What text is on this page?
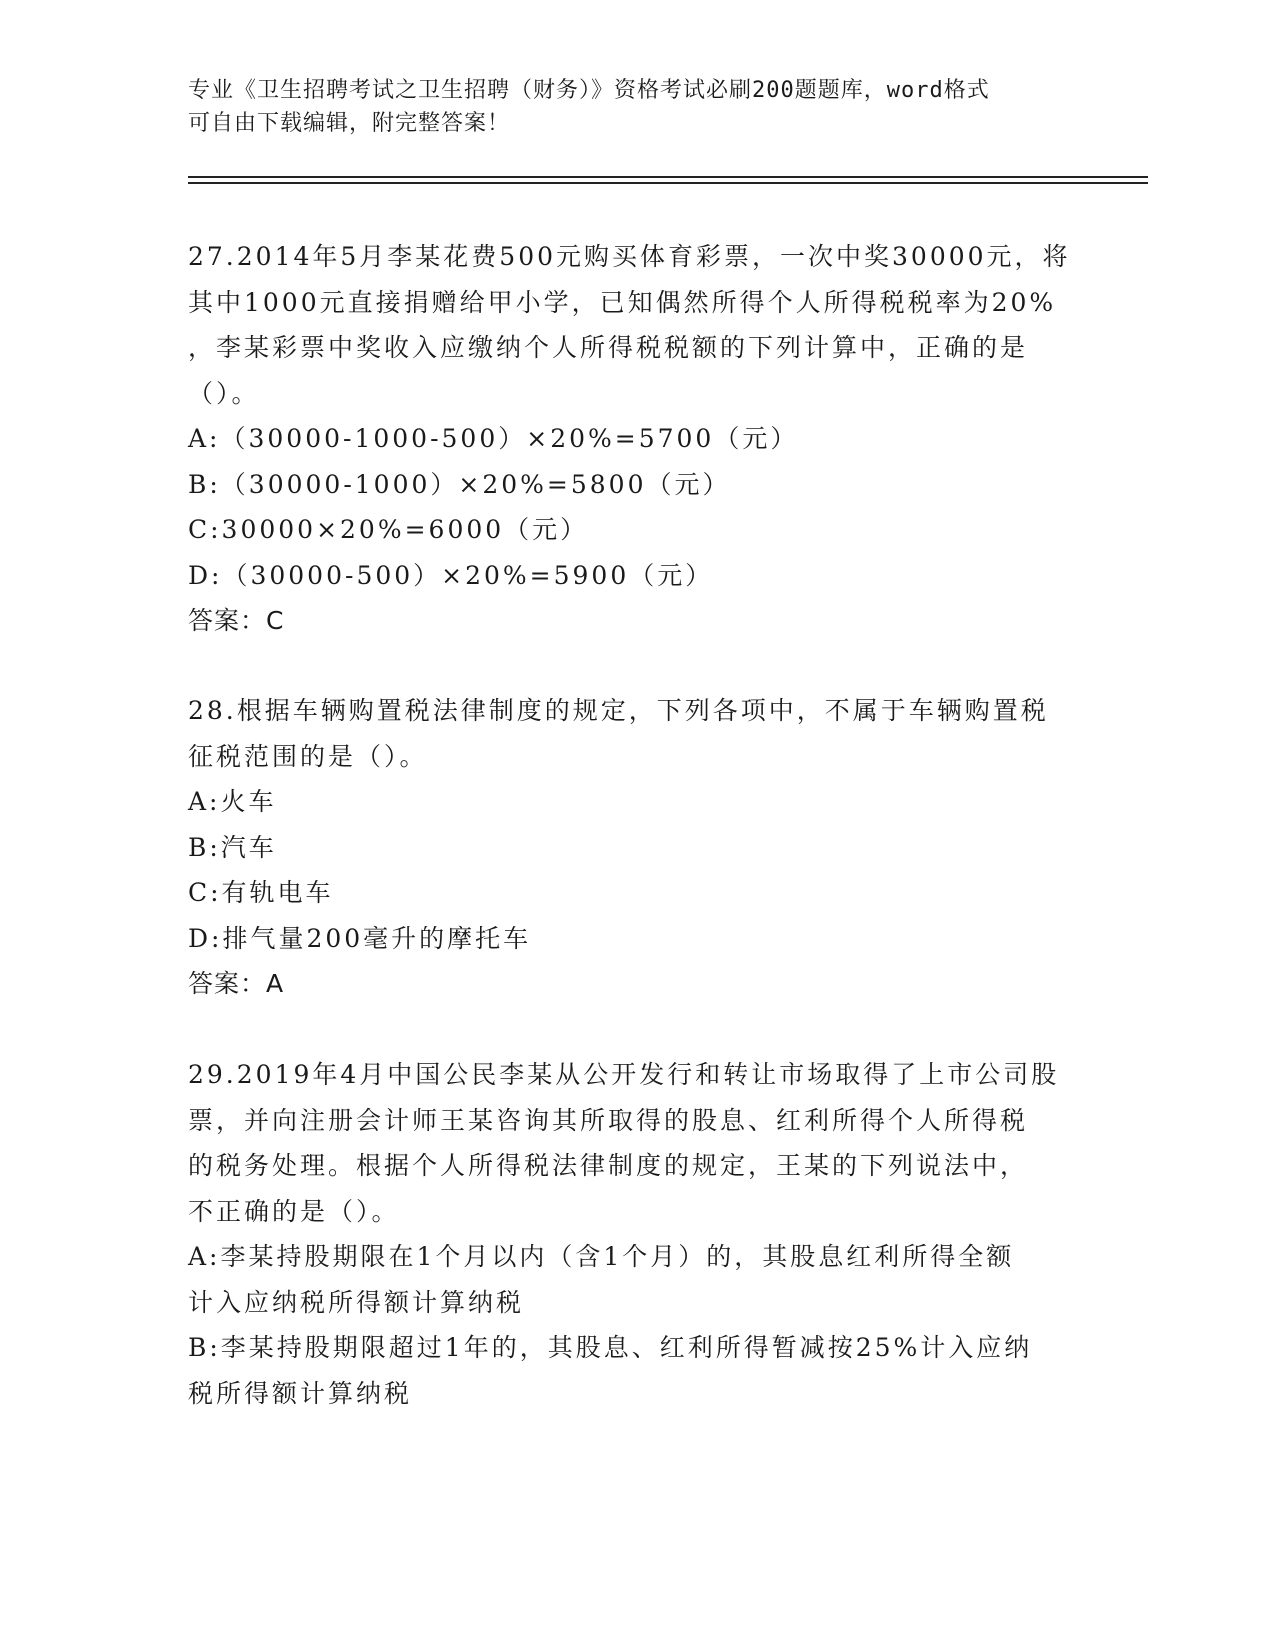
专业《卫生招聘考试之卫生招聘（财务）》资格考试必刷200题题库，word格式
可自由下载编辑，附完整答案！

27.2014年5月李某花费500元购买体育彩票，一次中奖30000元，将

其中1000元直接捐赠给甲小学，已知偶然所得个人所得税税率为20%

，李某彩票中奖收入应缴纳个人所得税税额的下列计算中，正确的是

（）。

A:（30000-1000-500）×20%=5700（元）

B:（30000-1000）×20%=5800（元）

C:30000×20%=6000（元）

D:（30000-500）×20%=5900（元）

答案：C

28.根据车辆购置税法律制度的规定，下列各项中，不属于车辆购置税

征税范围的是（）。

A:火车

B:汽车

C:有轨电车

D:排气量200毫升的摩托车

答案：A

29.2019年4月中国公民李某从公开发行和转让市场取得了上市公司股

票，并向注册会计师王某咨询其所取得的股息、红利所得个人所得税

的税务处理。根据个人所得税法律制度的规定，王某的下列说法中，

不正确的是（）。

A:李某持股期限在1个月以内（含1个月）的，其股息红利所得全额

计入应纳税所得额计算纳税

B:李某持股期限超过1年的，其股息、红利所得暂减按25%计入应纳

税所得额计算纳税
